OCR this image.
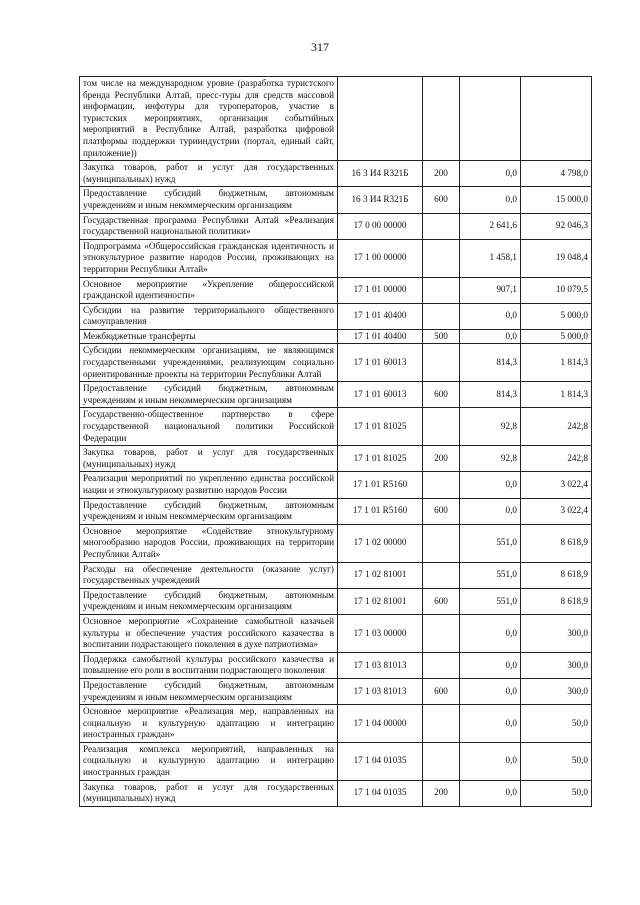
317
том числе на международном уровне (разработка туристского бренда Республики Алтай, пресс-туры для средств массовой информации, инфотуры для туроператоров, участие в туристских мероприятиях, организация событийных мероприятий в Республике Алтай, разработка цифровой платформы поддержки турииндустрии (портал, единый сайт, приложение))				
Закупка товаров, работ и услуг для государственных (муниципальных) нужд	16 3 И4 R321Б	200	0,0	4 798,0
Предоставление субсидий бюджетным, автономным учреждениям и иным некоммерческим организациям	16 3 И4 R321Б	600	0,0	15 000,0
Государственная программа Республики Алтай «Реализация государственной национальной политики»	17 0 00 00000		2 641,6	92 046,3
Подпрограмма «Общероссийская гражданская идентичность и этнокультурное развитие народов России, проживающих на территории Республики Алтай»	17 1 00 00000		1 458,1	19 048,4
Основное мероприятие «Укрепление общероссийской гражданской идентичности»	17 1 01 00000		907,1	10 079,5
Субсидии на развитие территориального общественного самоуправления	17 1 01 40400		0,0	5 000,0
Межбюджетные трансферты	17 1 01 40400	500	0,0	5 000,0
Субсидии некоммерческим организациям, не являющимся государственными учреждениями, реализующим социально ориентированные проекты на территории Республики Алтай	17 1 01 60013		814,3	1 814,3
Предоставление субсидий бюджетным, автономным учреждениям и иным некоммерческим организациям	17 1 01 60013	600	814,3	1 814,3
Государственно-общественное партнерство в сфере государственной национальной политики Российской Федерации	17 1 01 81025		92,8	242,8
Закупка товаров, работ и услуг для государственных (муниципальных) нужд	17 1 01 81025	200	92,8	242,8
Реализация мероприятий по укреплению единства российской нации и этнокультурному развитию народов России	17 1 01 R5160		0,0	3 022,4
Предоставление субсидий бюджетным, автономным учреждениям и иным некоммерческим организациям	17 1 01 R5160	600	0,0	3 022,4
Основное мероприятие «Содействие этнокультурному многообразию народов России, проживающих на территории Республики Алтай»	17 1 02 00000		551,0	8 618,9
Расходы на обеспечение деятельности (оказание услуг) государственных учреждений	17 1 02 81001		551,0	8 618,9
Предоставление субсидий бюджетным, автономным учреждениям и иным некоммерческим организациям	17 1 02 81001	600	551,0	8 618,9
Основное мероприятие «Сохранение самобытной казачьей культуры и обеспечение участия российского казачества в воспитании подрастающего поколения в духе патриотизма»	17 1 03 00000		0,0	300,0
Поддержка самобытной культуры российского казачества и повышение его роли в воспитании подрастающего поколения	17 1 03 81013		0,0	300,0
Предоставление субсидий бюджетным, автономным учреждениям и иным некоммерческим организациям	17 1 03 81013	600	0,0	300,0
Основное мероприятие «Реализация мер, направленных на социальную и культурную адаптацию и интеграцию иностранных граждан»	17 1 04 00000		0,0	50,0
Реализация комплекса мероприятий, направленных на социальную и культурную адаптацию и интеграцию иностранных граждан	17 1 04 01035		0,0	50,0
Закупка товаров, работ и услуг для государственных (муниципальных) нужд	17 1 04 01035	200	0,0	50,0
